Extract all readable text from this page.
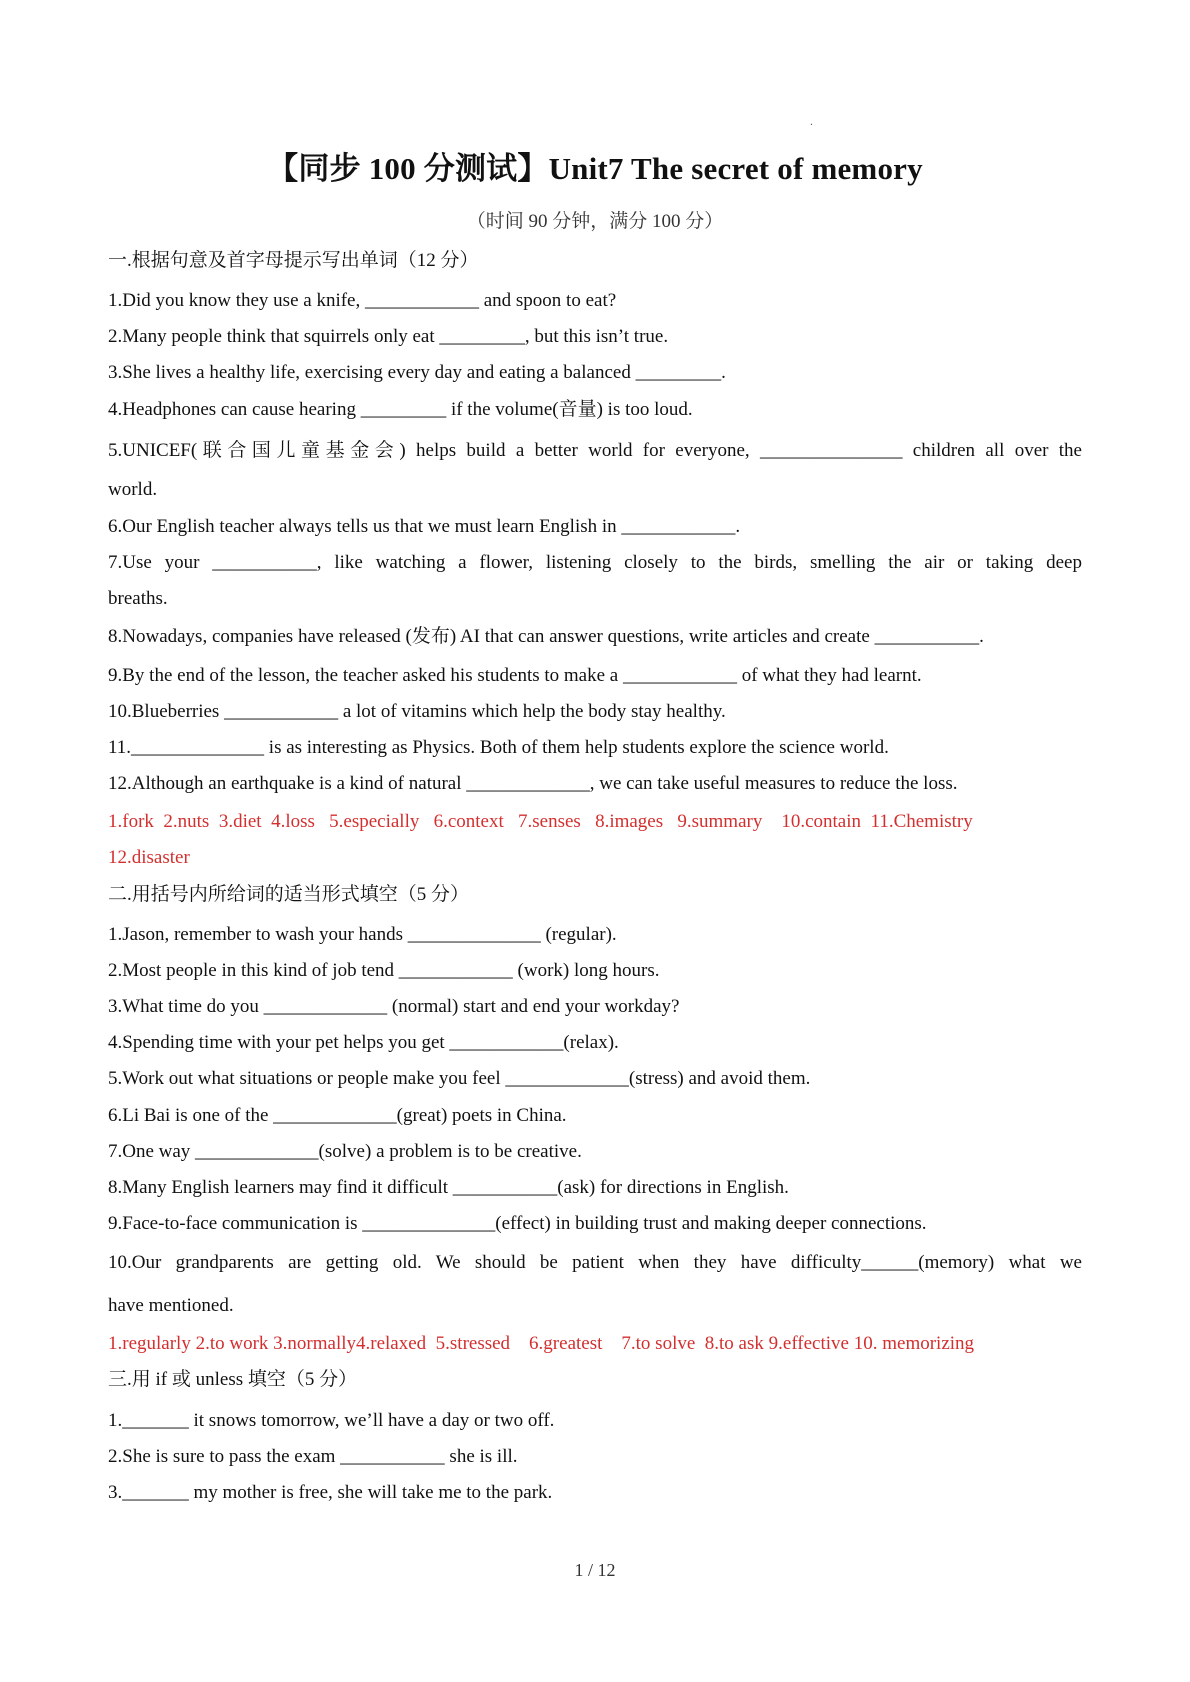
.
【同步 100 分测试】Unit7 The secret of memory
（时间 90 分钟，满分 100 分）
一.根据句意及首字母提示写出单词（12 分）
1.Did you know they use a knife, ____________ and spoon to eat?
2.Many people think that squirrels only eat _________, but this isn’t true.
3.She lives a healthy life, exercising every day and eating a balanced _________.
4.Headphones can cause hearing _________ if the volume(音量) is too loud.
5.UNICEF(联合国儿童基金会) helps build a better world for everyone, _______________ children all over the
world.
6.Our English teacher always tells us that we must learn English in ____________.
7.Use your ___________, like watching a flower, listening closely to the birds, smelling the air or taking deep
breaths.
8.Nowadays, companies have released (发布) AI that can answer questions, write articles and create ___________.
9.By the end of the lesson, the teacher asked his students to make a ____________ of what they had learnt.
10.Blueberries ____________ a lot of vitamins which help the body stay healthy.
11.______________ is as interesting as Physics. Both of them help students explore the science world.
12.Although an earthquake is a kind of natural _____________, we can take useful measures to reduce the loss.
1.fork  2.nuts  3.diet  4.loss   5.especially   6.context   7.senses   8.images   9.summary    10.contain  11.Chemistry
12.disaster
二.用括号内所给词的适当形式填空（5 分）
1.Jason, remember to wash your hands ______________ (regular).
2.Most people in this kind of job tend ____________ (work) long hours.
3.What time do you _____________ (normal) start and end your workday?
4.Spending time with your pet helps you get ____________(relax).
5.Work out what situations or people make you feel _____________(stress) and avoid them.
6.Li Bai is one of the _____________(great) poets in China.
7.One way _____________(solve) a problem is to be creative.
8.Many English learners may find it difficult ___________(ask) for directions in English.
9.Face-to-face communication is ______________(effect) in building trust and making deeper connections.
10.Our grandparents are getting old. We should be patient when they have difficulty______(memory) what we
have mentioned.
1.regularly 2.to work 3.normally4.relaxed  5.stressed    6.greatest    7.to solve  8.to ask 9.effective 10. memorizing
三.用 if 或 unless 填空（5 分）
1._______ it snows tomorrow, we’ll have a day or two off.
2.She is sure to pass the exam ___________ she is ill.
3._______ my mother is free, she will take me to the park.
1 / 12
